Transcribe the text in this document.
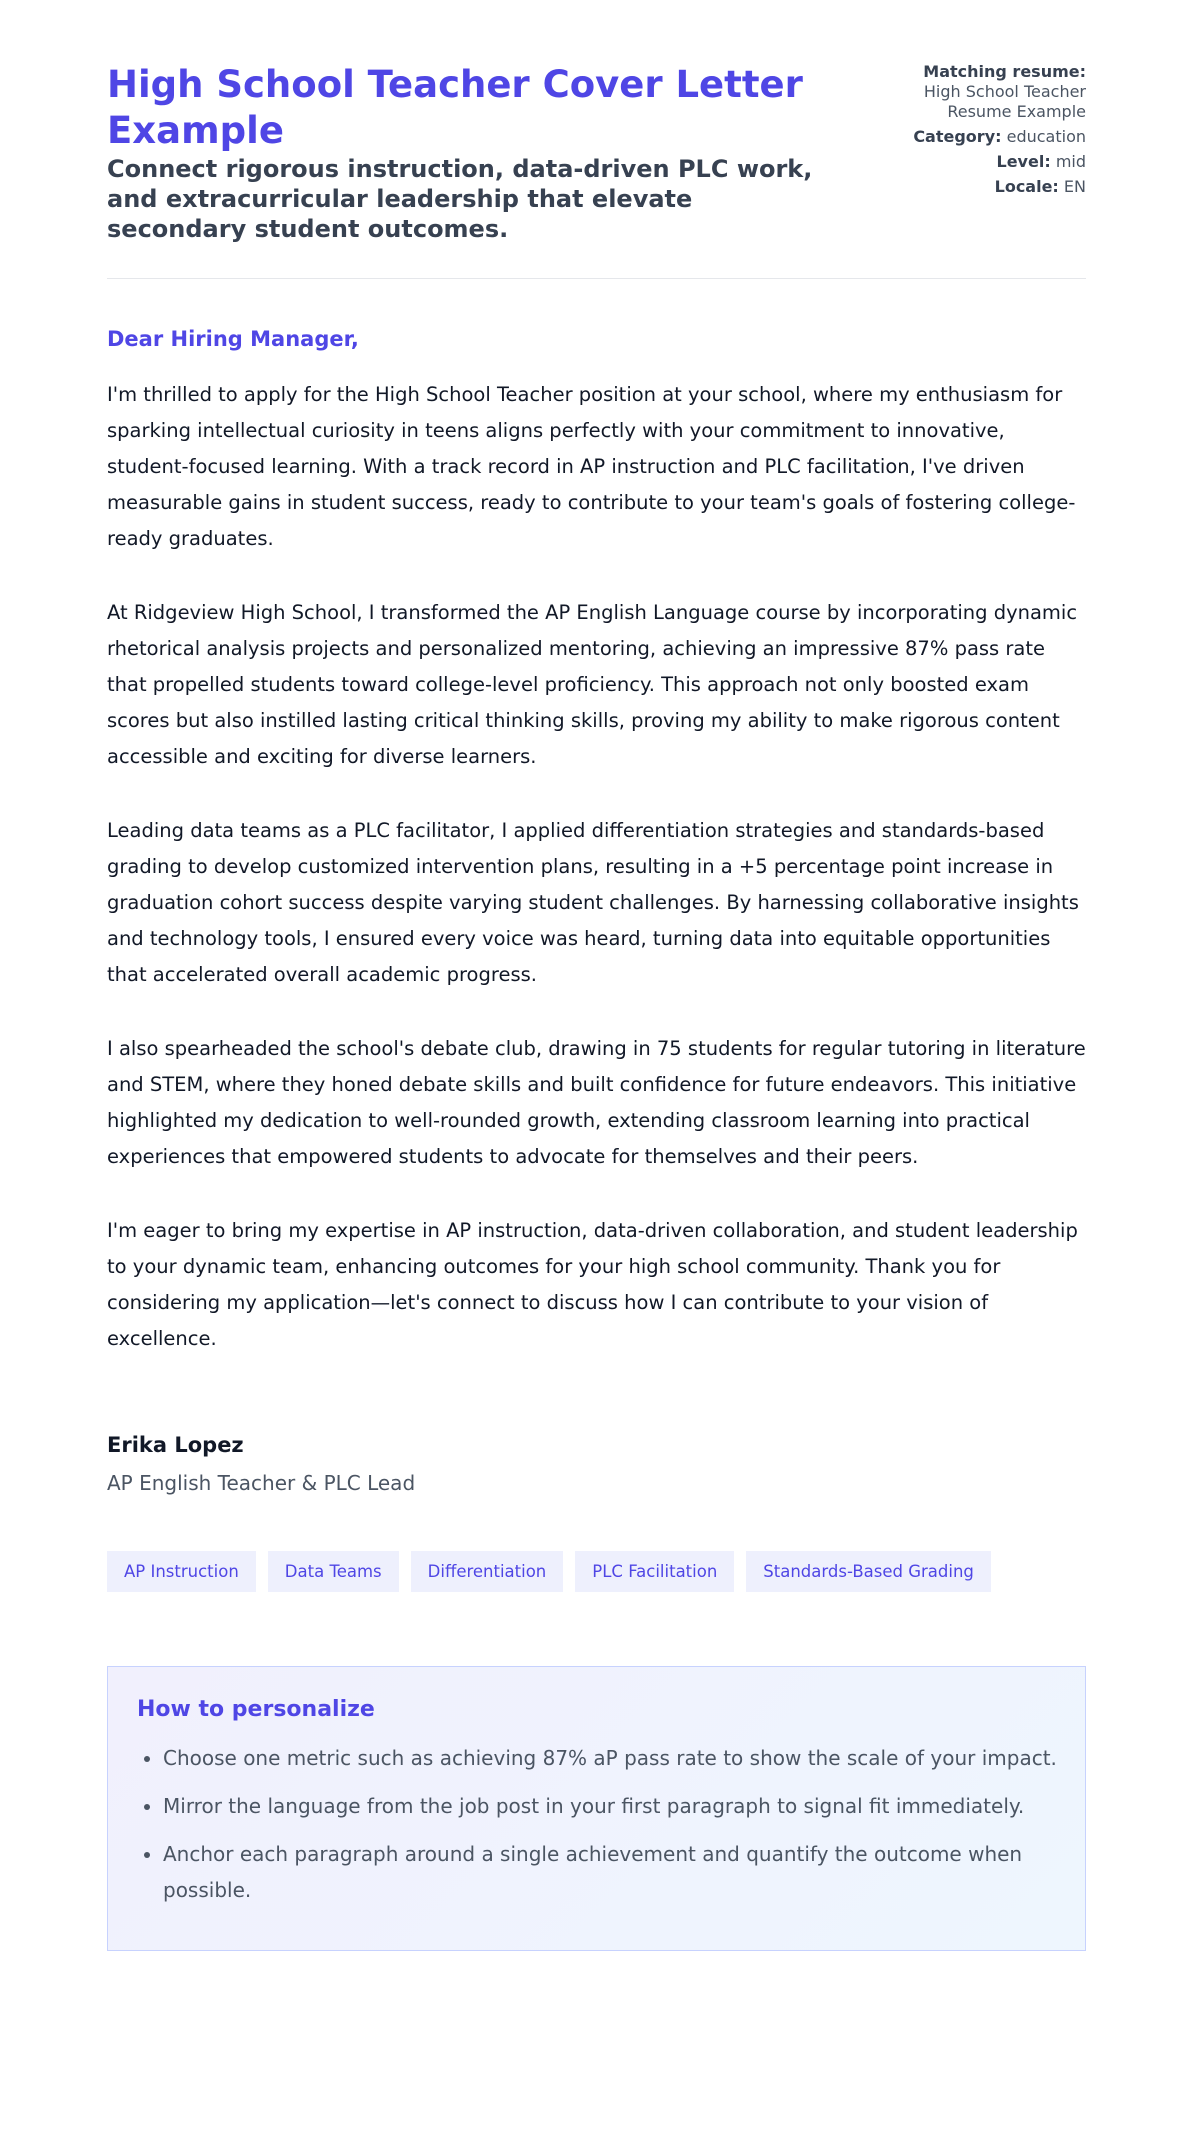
High School Teacher Cover Letter Example
Connect rigorous instruction, data-driven PLC work, and extracurricular leadership that elevate secondary student outcomes.
Matching resume:
High School Teacher Resume Example
Category: education
Level: mid
Locale: EN
Dear Hiring Manager,

I'm thrilled to apply for the High School Teacher position at your school, where my enthusiasm for sparking intellectual curiosity in teens aligns perfectly with your commitment to innovative, student-focused learning. With a track record in AP instruction and PLC facilitation, I've driven measurable gains in student success, ready to contribute to your team's goals of fostering college-ready graduates.

At Ridgeview High School, I transformed the AP English Language course by incorporating dynamic rhetorical analysis projects and personalized mentoring, achieving an impressive 87% pass rate that propelled students toward college-level proficiency. This approach not only boosted exam scores but also instilled lasting critical thinking skills, proving my ability to make rigorous content accessible and exciting for diverse learners.

Leading data teams as a PLC facilitator, I applied differentiation strategies and standards-based grading to develop customized intervention plans, resulting in a +5 percentage point increase in graduation cohort success despite varying student challenges. By harnessing collaborative insights and technology tools, I ensured every voice was heard, turning data into equitable opportunities that accelerated overall academic progress.

I also spearheaded the school's debate club, drawing in 75 students for regular tutoring in literature and STEM, where they honed debate skills and built confidence for future endeavors. This initiative highlighted my dedication to well-rounded growth, extending classroom learning into practical experiences that empowered students to advocate for themselves and their peers.

I'm eager to bring my expertise in AP instruction, data-driven collaboration, and student leadership to your dynamic team, enhancing outcomes for your high school community. Thank you for considering my application—let's connect to discuss how I can contribute to your vision of excellence.

Erika Lopez
AP English Teacher & PLC Lead
AP Instruction	Data Teams	Differentiation	PLC Facilitation	Standards-Based Grading
How to personalize
• Choose one metric such as achieving 87% aP pass rate to show the scale of your impact.
• Mirror the language from the job post in your first paragraph to signal fit immediately.
• Anchor each paragraph around a single achievement and quantify the outcome when possible.
